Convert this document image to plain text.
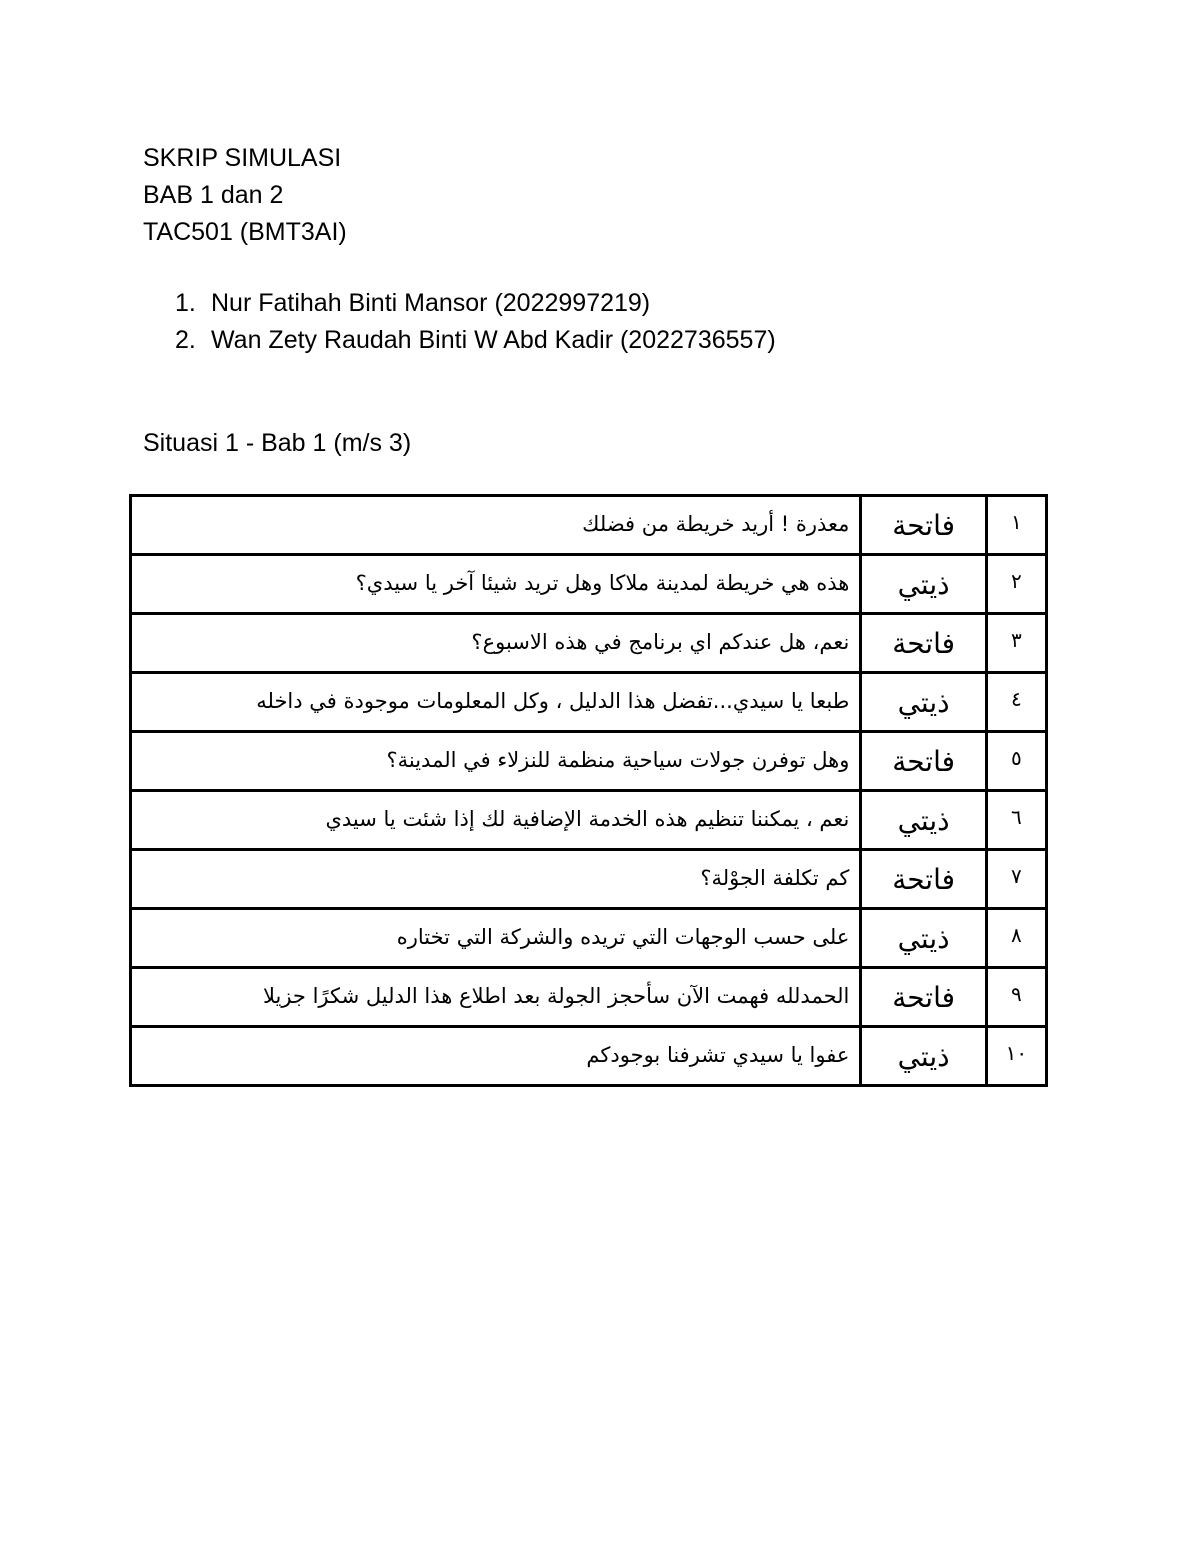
SKRIP SIMULASI
BAB 1 dan 2
TAC501 (BMT3AI)
1. Nur Fatihah Binti Mansor (2022997219)
2. Wan Zety Raudah Binti W Abd Kadir (2022736557)
Situasi 1 - Bab 1 (m/s 3)
معذرة ! أريد خريطة من فضلك	فاتحة	١

هذه هي خريطة لمدينة ملاكا وهل تريد شيئا آخر يا سيدي؟	ذيتي	٢

نعم، هل عندكم اي برنامج في هذه الاسبوع؟	فاتحة	٣

طبعا يا سيدي...تفضل هذا الدليل ، وكل المعلومات موجودة في داخله	ذيتي	٤

وهل توفرن جولات سياحية منظمة للنزلاء في المدينة؟	فاتحة	٥

نعم ، يمكننا تنظيم هذه الخدمة الإضافية لك إذا شئت يا سيدي	ذيتي	٦

كم تكلفة الجوْلة؟	فاتحة	٧

على حسب الوجهات التي تريده والشركة التي تختاره	ذيتي	٨

الحمدلله فهمت الآن سأحجز الجولة بعد اطلاع هذا الدليل شكرًا جزيلا	فاتحة	٩

عفوا يا سيدي تشرفنا بوجودكم	ذيتي	١٠
